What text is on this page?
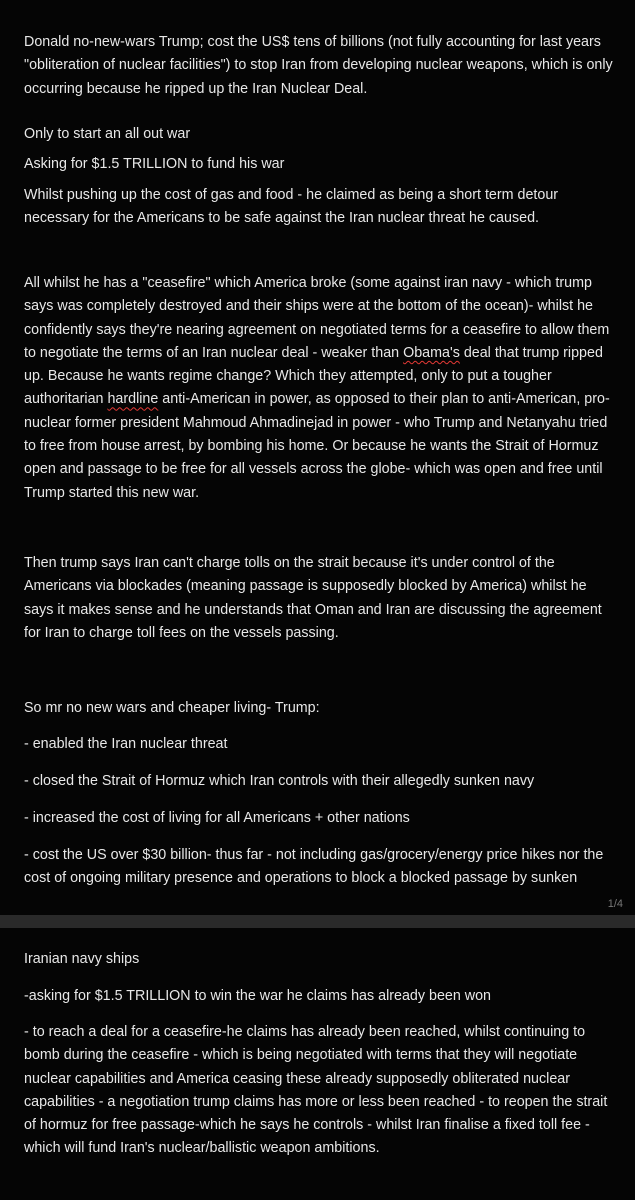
Donald no-new-wars Trump; cost the US$ tens of billions (not fully accounting for last years "obliteration of nuclear facilities") to stop Iran from developing nuclear weapons, which is only occurring because he ripped up the Iran Nuclear Deal.

Only to start an all out war

Asking for $1.5 TRILLION to fund his war

Whilst pushing up the cost of gas and food - he claimed as being a short term detour necessary for the Americans to be safe against the Iran nuclear threat he caused.

All whilst he has a "ceasefire" which America broke (some against iran navy - which trump says was completely destroyed and their ships were at the bottom of the ocean)- whilst he confidently says they're nearing agreement on negotiated terms for a ceasefire to allow them to negotiate the terms of an Iran nuclear deal - weaker than Obama's deal that trump ripped up. Because he wants regime change? Which they attempted, only to put a tougher authoritarian hardline anti-American in power, as opposed to their plan to anti-American, pro-nuclear former president Mahmoud Ahmadinejad in power - who Trump and Netanyahu tried to free from house arrest, by bombing his home. Or because he wants the Strait of Hormuz open and passage to be free for all vessels across the globe- which was open and free until Trump started this new war.

Then trump says Iran can't charge tolls on the strait because it's under control of the Americans via blockades (meaning passage is supposedly blocked by America) whilst he says it makes sense and he understands that Oman and Iran are discussing the agreement for Iran to charge toll fees on the vessels passing.

So mr no new wars and cheaper living- Trump:

- enabled the Iran nuclear threat

- closed the Strait of Hormuz which Iran controls with their allegedly sunken navy

- increased the cost of living for all Americans + other nations

- cost the US over $30 billion- thus far - not including gas/grocery/energy price hikes nor the cost of ongoing military presence and operations to block a blocked passage by sunken

1/4

Iranian navy ships

-asking for $1.5 TRILLION to win the war he claims has already been won

- to reach a deal for a ceasefire-he claims has already been reached, whilst continuing to bomb during the ceasefire - which is being negotiated with terms that they will negotiate nuclear capabilities and America ceasing these already supposedly obliterated nuclear capabilities - a negotiation trump claims has more or less been reached - to reopen the strait of hormuz for free passage-which he says he controls - whilst Iran finalise a fixed toll fee - which will fund Iran's nuclear/ballistic weapon ambitions.
